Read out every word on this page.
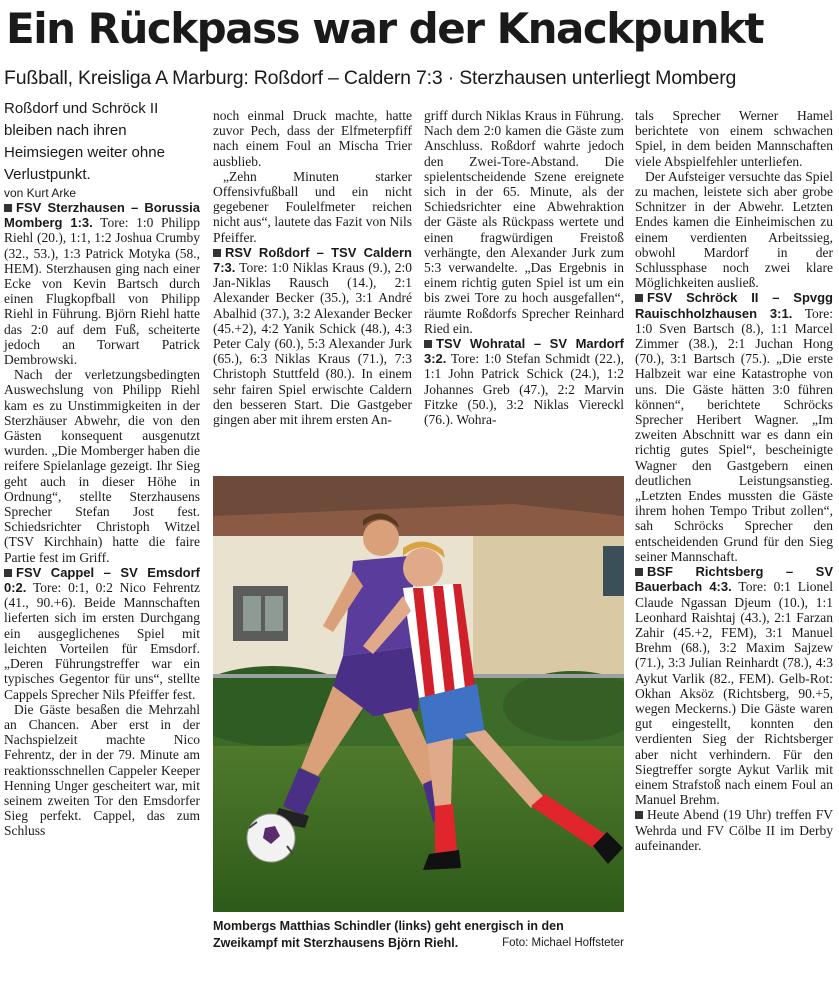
Ein Rückpass war der Knackpunkt
Fußball, Kreisliga A Marburg: Roßdorf – Caldern 7:3 · Sterzhausen unterliegt Momberg

Roßdorf und Schröck II bleiben nach ihren Heimsiegen weiter ohne Verlustpunkt.

von Kurt Arke

FSV Sterzhausen – Borussia Momberg 1:3. Tore: 1:0 Philipp Riehl (20.), 1:1, 1:2 Joshua Crumby (32., 53.), 1:3 Patrick Motyka (58., HEM). Sterzhausen ging nach einer Ecke von Kevin Bartsch durch einen Flugkopfball von Philipp Riehl in Führung. Björn Riehl hatte das 2:0 auf dem Fuß, scheiterte jedoch an Torwart Patrick Dembrowski.

Nach der verletzungsbedingten Auswechslung von Philipp Riehl kam es zu Unstimmigkeiten in der Sterzhäuser Abwehr, die von den Gästen konsequent ausgenutzt wurden. „Die Momberger haben die reifere Spielanlage gezeigt. Ihr Sieg geht auch in dieser Höhe in Ordnung“, stellte Sterzhausens Sprecher Stefan Jost fest. Schiedsrichter Christoph Witzel (TSV Kirchhain) hatte die faire Partie fest im Griff.

FSV Cappel – SV Emsdorf 0:2. Tore: 0:1, 0:2 Nico Fehrentz (41., 90.+6). Beide Mannschaften lieferten sich im ersten Durchgang ein ausgeglichenes Spiel mit leichten Vorteilen für Emsdorf. „Deren Führungstreffer war ein typisches Gegentor für uns“, stellte Cappels Sprecher Nils Pfeiffer fest.

Die Gäste besaßen die Mehrzahl an Chancen. Aber erst in der Nachspielzeit machte Nico Fehrentz, der in der 79. Minute am reaktionsschnellen Cappeler Keeper Henning Unger gescheitert war, mit seinem zweiten Tor den Emsdorfer Sieg perfekt. Cappel, das zum Schluss

noch einmal Druck machte, hatte zuvor Pech, dass der Elfmeterpfiff nach einem Foul an Mischa Trier ausblieb.

„Zehn Minuten starker Offensivfußball und ein nicht gegebener Foulelfmeter reichen nicht aus“, lautete das Fazit von Nils Pfeiffer.

RSV Roßdorf – TSV Caldern 7:3. Tore: 1:0 Niklas Kraus (9.), 2:0 Jan-Niklas Rausch (14.), 2:1 Alexander Becker (35.), 3:1 André Abalhid (37.), 3:2 Alexander Becker (45.+2), 4:2 Yanik Schick (48.), 4:3 Peter Caly (60.), 5:3 Alexander Jurk (65.), 6:3 Niklas Kraus (71.), 7:3 Christoph Stuttfeld (80.). In einem sehr fairen Spiel erwischte Caldern den besseren Start. Die Gastgeber gingen aber mit ihrem ersten An-

griff durch Niklas Kraus in Führung. Nach dem 2:0 kamen die Gäste zum Anschluss. Roßdorf wahrte jedoch den Zwei-Tore-Abstand. Die spielentscheidende Szene ereignete sich in der 65. Minute, als der Schiedsrichter eine Abwehraktion der Gäste als Rückpass wertete und einen fragwürdigen Freistoß verhängte, den Alexander Jurk zum 5:3 verwandelte. „Das Ergebnis in einem richtig guten Spiel ist um ein bis zwei Tore zu hoch ausgefallen“, räumte Roßdorfs Sprecher Reinhard Ried ein.

TSV Wohratal – SV Mardorf 3:2. Tore: 1:0 Stefan Schmidt (22.), 1:1 John Patrick Schick (24.), 1:2 Johannes Greb (47.), 2:2 Marvin Fitzke (50.), 3:2 Niklas Viereckl (76.). Wohra-

tals Sprecher Werner Hamel berichtete von einem schwachen Spiel, in dem beiden Mannschaften viele Abspielfehler unterliefen.

Der Aufsteiger versuchte das Spiel zu machen, leistete sich aber grobe Schnitzer in der Abwehr. Letzten Endes kamen die Einheimischen zu einem verdienten Arbeitssieg, obwohl Mardorf in der Schlussphase noch zwei klare Möglichkeiten ausließ.

FSV Schröck II – Spvgg Rauischholzhausen 3:1. Tore: 1:0 Sven Bartsch (8.), 1:1 Marcel Zimmer (38.), 2:1 Juchan Hong (70.), 3:1 Bartsch (75.). „Die erste Halbzeit war eine Katastrophe von uns. Die Gäste hätten 3:0 führen können“, berichtete Schröcks Sprecher Heribert Wagner. „Im zweiten Abschnitt war es dann ein richtig gutes Spiel“, bescheinigte Wagner den Gastgebern einen deutlichen Leistungsanstieg. „Letzten Endes mussten die Gäste ihrem hohen Tempo Tribut zollen“, sah Schröcks Sprecher den entscheidenden Grund für den Sieg seiner Mannschaft.

BSF Richtsberg – SV Bauerbach 4:3. Tore: 0:1 Lionel Claude Ngassan Djeum (10.), 1:1 Leonhard Raishtaj (43.), 2:1 Farzan Zahir (45.+2, FEM), 3:1 Manuel Brehm (68.), 3:2 Maxim Sajzew (71.), 3:3 Julian Reinhardt (78.), 4:3 Aykut Varlik (82., FEM). Gelb-Rot: Okhan Aksöz (Richtsberg, 90.+5, wegen Meckerns.) Die Gäste waren gut eingestellt, konnten den verdienten Sieg der Richtsberger aber nicht verhindern. Für den Siegtreffer sorgte Aykut Varlik mit einem Strafstoß nach einem Foul an Manuel Brehm.

Heute Abend (19 Uhr) treffen FV Wehrda und FV Cölbe II im Derby aufeinander.

Mombergs Matthias Schindler (links) geht energisch in den Zweikampf mit Sterzhausens Björn Riehl.	Foto: Michael Hoffsteter
